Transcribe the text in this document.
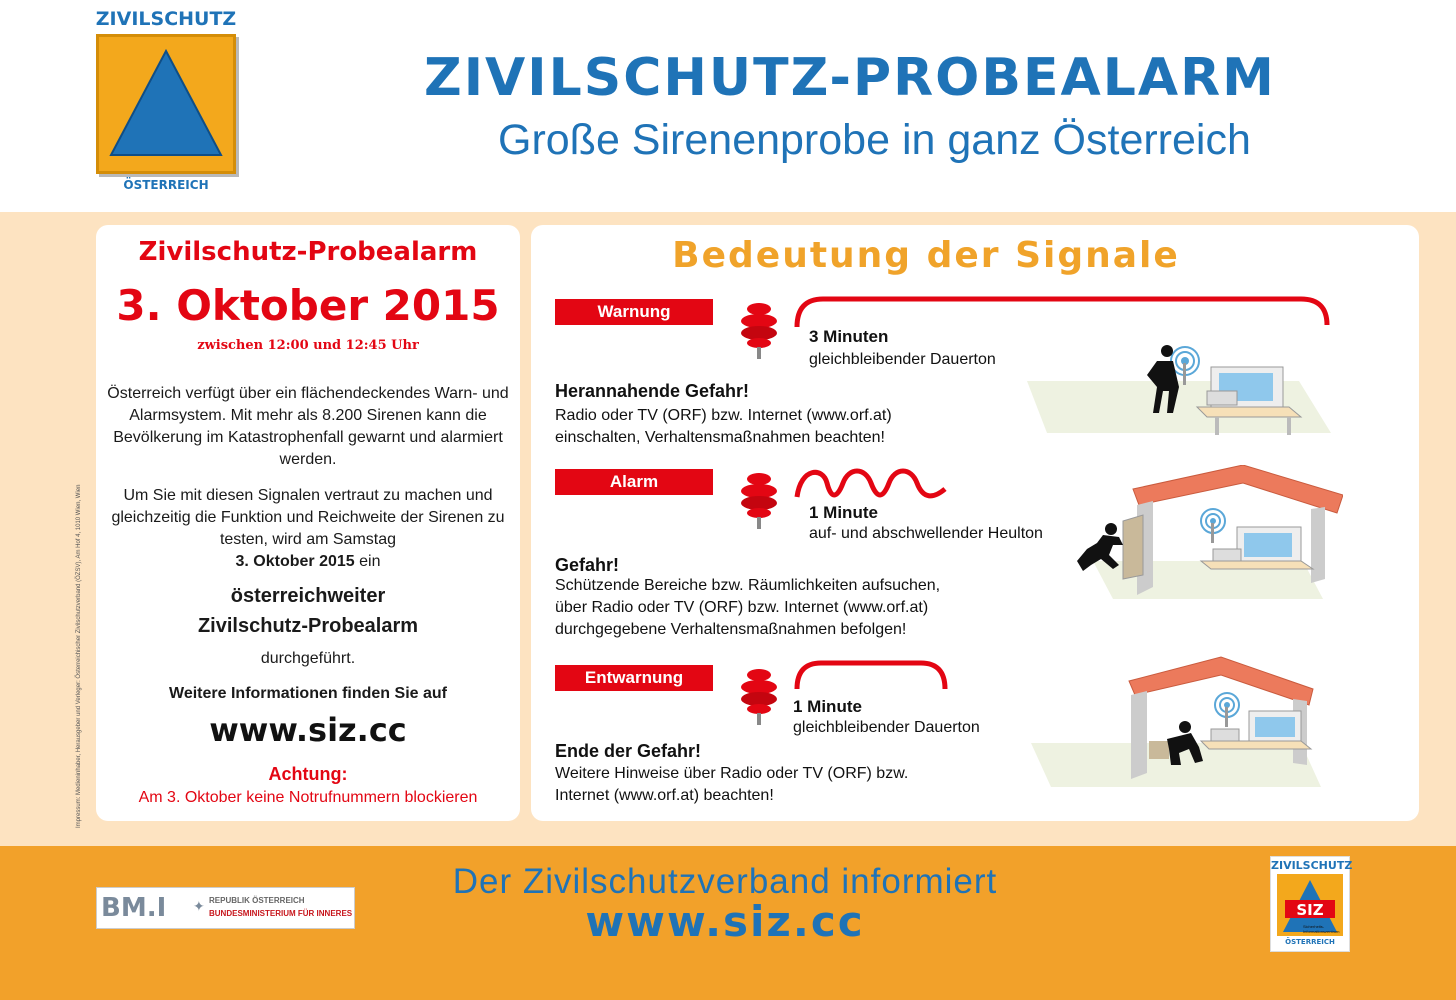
ZIVILSCHUTZ
ÖSTERREICH
ZIVILSCHUTZ-PROBEALARM
Große Sirenenprobe in ganz Österreich
Impressum: Medieninhaber, Herausgeber und Verleger: Österreichischer Zivilschutzverband (ÖZSV), Am Hof 4, 1010 Wien, Wien
Zivilschutz-Probealarm
3. Oktober 2015
zwischen 12:00 und 12:45 Uhr
Österreich verfügt über ein flächendeckendes Warn- und Alarmsystem. Mit mehr als 8.200 Sirenen kann die Bevölkerung im Katastrophenfall gewarnt und alarmiert werden.
Um Sie mit diesen Signalen vertraut zu machen und gleichzeitig die Funktion und Reichweite der Sirenen zu testen, wird am Samstag
3. Oktober 2015 ein
österreichweiter
Zivilschutz-Probealarm
durchgeführt.
Weitere Informationen finden Sie auf
www.siz.cc
Achtung:
Am 3. Oktober keine Notrufnummern blockieren
Bedeutung der Signale
Warnung
3 Minuten
gleichbleibender Dauerton
Herannahende Gefahr!
Radio oder TV (ORF) bzw. Internet (www.orf.at)
einschalten, Verhaltensmaßnahmen beachten!
Alarm
1 Minute
auf- und abschwellender Heulton
Gefahr!
Schützende Bereiche bzw. Räumlichkeiten aufsuchen,
über Radio oder TV (ORF) bzw. Internet (www.orf.at)
durchgegebene Verhaltensmaßnahmen befolgen!
Entwarnung
1 Minute
gleichbleibender Dauerton
Ende der Gefahr!
Weitere Hinweise über Radio oder TV (ORF) bzw.
Internet (www.orf.at) beachten!
BM.I ✦ REPUBLIK ÖSTERREICH
BUNDESMINISTERIUM FÜR INNERES
Der Zivilschutzverband informiert
www.siz.cc
ZIVILSCHUTZ
SIZ
Sicherheits-Informationszentrum
ÖSTERREICH
